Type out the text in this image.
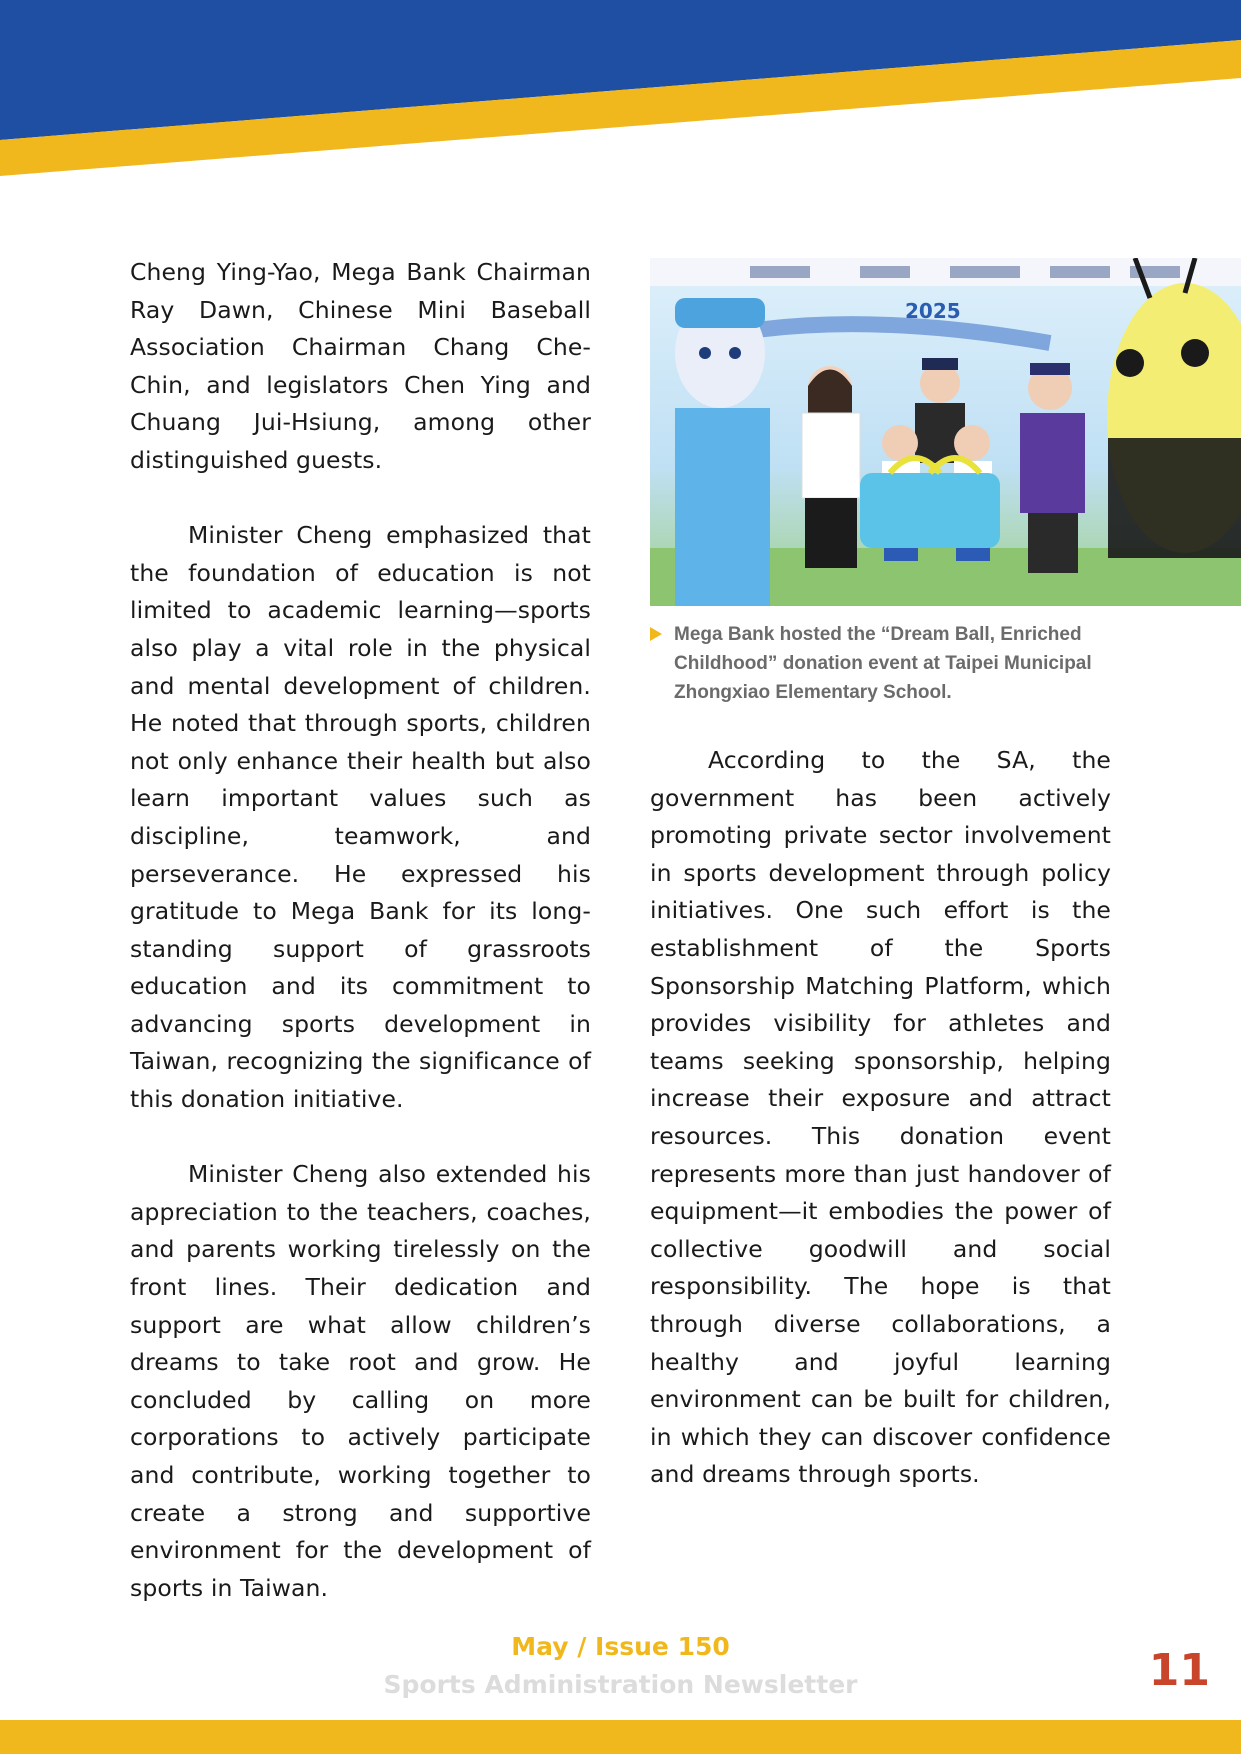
Cheng Ying-Yao, Mega Bank Chairman Ray Dawn, Chinese Mini Baseball Association Chairman Chang Che-Chin, and legislators Chen Ying and Chuang Jui-Hsiung, among other distinguished guests.

Minister Cheng emphasized that the foundation of education is not limited to academic learning—sports also play a vital role in the physical and mental development of children. He noted that through sports, children not only enhance their health but also learn important values such as discipline, teamwork, and perseverance. He expressed his gratitude to Mega Bank for its long-standing support of grassroots education and its commitment to advancing sports development in Taiwan, recognizing the significance of this donation initiative.

Minister Cheng also extended his appreciation to the teachers, coaches, and parents working tirelessly on the front lines. Their dedication and support are what allow children’s dreams to take root and grow. He concluded by calling on more corporations to actively participate and contribute, working together to create a strong and supportive environment for the development of sports in Taiwan.

2025
Mega Bank hosted the “Dream Ball, Enriched Childhood” donation event at Taipei Municipal Zhongxiao Elementary School.

According to the SA, the government has been actively promoting private sector involvement in sports development through policy initiatives. One such effort is the establishment of the Sports Sponsorship Matching Platform, which provides visibility for athletes and teams seeking sponsorship, helping increase their exposure and attract resources. This donation event represents more than just handover of equipment—it embodies the power of collective goodwill and social responsibility. The hope is that through diverse collaborations, a healthy and joyful learning environment can be built for children, in which they can discover confidence and dreams through sports.

May / Issue 150
Sports Administration Newsletter	11
